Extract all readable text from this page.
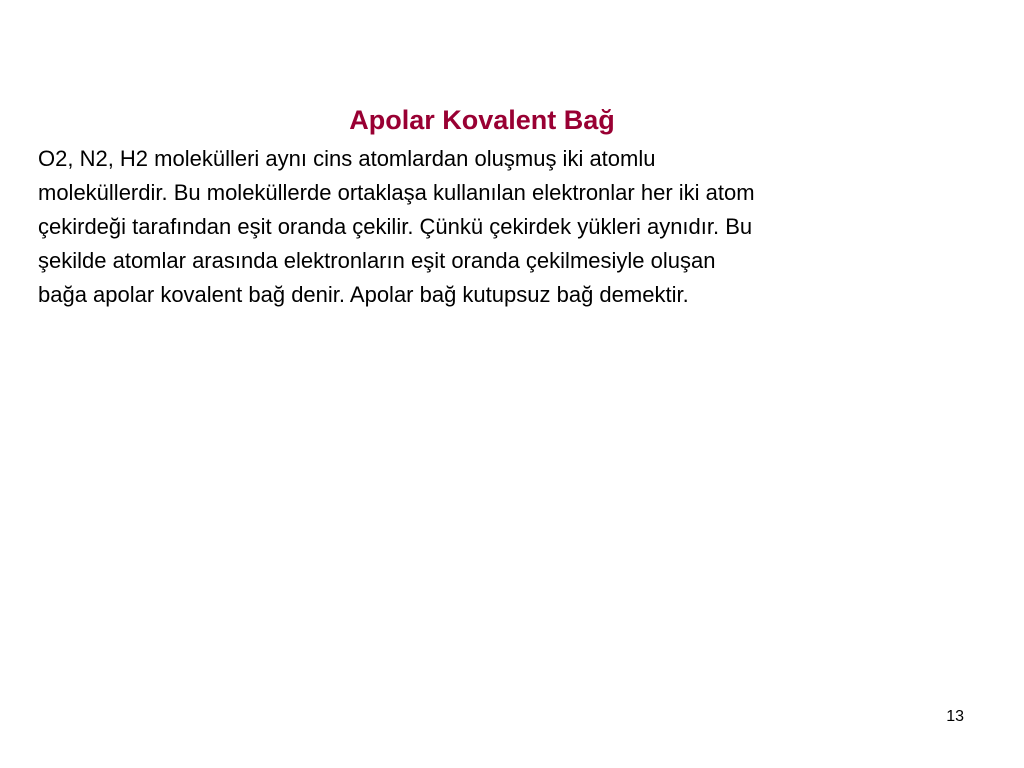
Apolar Kovalent Bağ

O2, N2, H2 molekülleri aynı cins atomlardan oluşmuş iki atomlu

moleküllerdir. Bu moleküllerde ortaklaşa kullanılan elektronlar her iki atom

çekirdeği tarafından eşit oranda çekilir. Çünkü çekirdek yükleri aynıdır. Bu

şekilde atomlar arasında elektronların eşit oranda çekilmesiyle oluşan

bağa apolar kovalent bağ denir. Apolar bağ kutupsuz bağ demektir.

13
